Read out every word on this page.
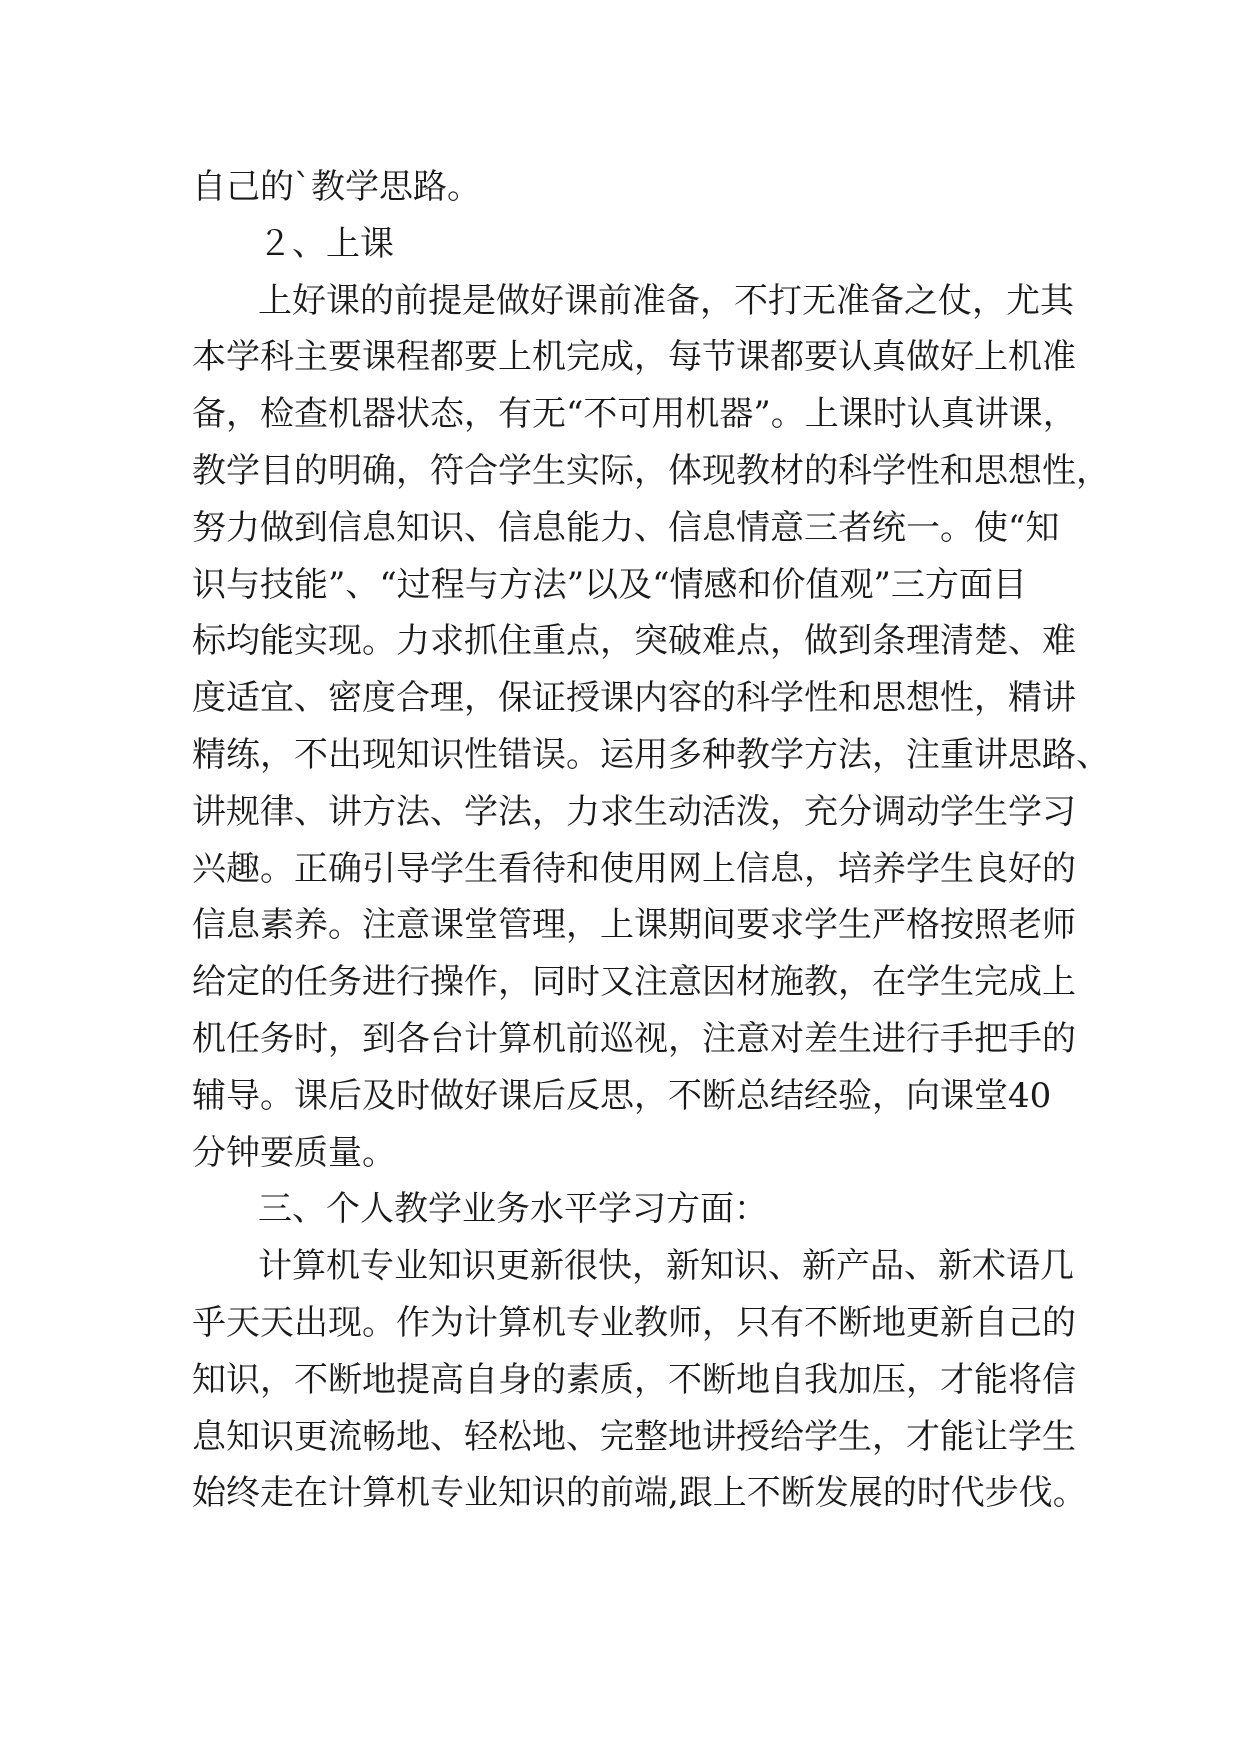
自己的`教学思路。
２、上课
上好课的前提是做好课前准备，不打无准备之仗，尤其
本学科主要课程都要上机完成，每节课都要认真做好上机准
备，检查机器状态，有无“不可用机器”。上课时认真讲课，
教学目的明确，符合学生实际，体现教材的科学性和思想性，
努力做到信息知识、信息能力、信息情意三者统一。使“知
识与技能”、“过程与方法”以及“情感和价值观”三方面目
标均能实现。力求抓住重点，突破难点，做到条理清楚、难
度适宜、密度合理，保证授课内容的科学性和思想性，精讲
精练，不出现知识性错误。运用多种教学方法，注重讲思路、
讲规律、讲方法、学法，力求生动活泼，充分调动学生学习
兴趣。正确引导学生看待和使用网上信息，培养学生良好的
信息素养。注意课堂管理，上课期间要求学生严格按照老师
给定的任务进行操作，同时又注意因材施教，在学生完成上
机任务时，到各台计算机前巡视，注意对差生进行手把手的
辅导。课后及时做好课后反思，不断总结经验，向课堂40
分钟要质量。
三、个人教学业务水平学习方面：
计算机专业知识更新很快，新知识、新产品、新术语几
乎天天出现。作为计算机专业教师，只有不断地更新自己的
知识，不断地提高自身的素质，不断地自我加压，才能将信
息知识更流畅地、轻松地、完整地讲授给学生，才能让学生
始终走在计算机专业知识的前端,跟上不断发展的时代步伐。
